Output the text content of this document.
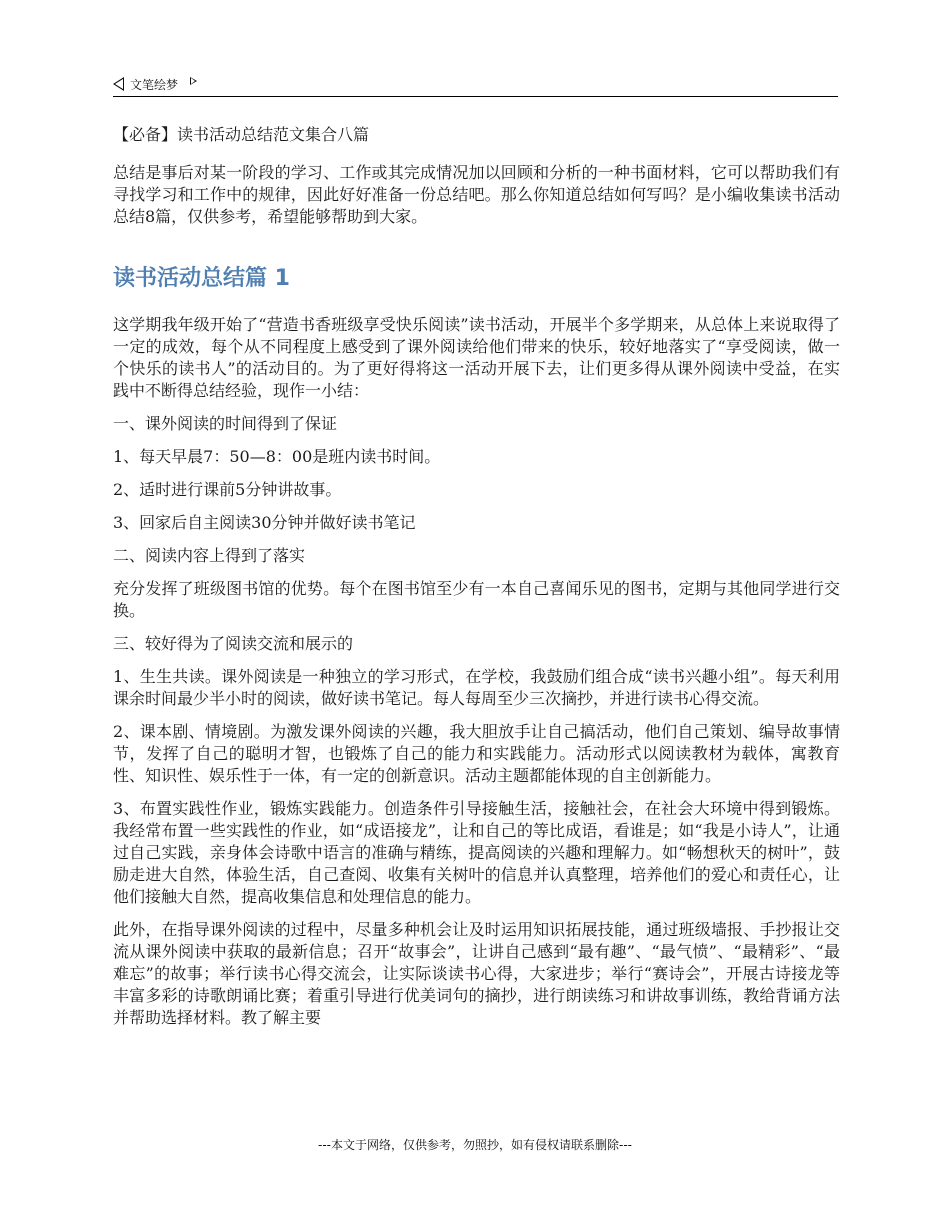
文笔绘梦
【必备】读书活动总结范文集合八篇

总结是事后对某一阶段的学习、工作或其完成情况加以回顾和分析的一种书面材料，它可以帮助我们有寻找学习和工作中的规律，因此好好准备一份总结吧。那么你知道总结如何写吗？是小编收集读书活动总结8篇，仅供参考，希望能够帮助到大家。

读书活动总结篇 1

这学期我年级开始了“营造书香班级享受快乐阅读”读书活动，开展半个多学期来，从总体上来说取得了一定的成效，每个从不同程度上感受到了课外阅读给他们带来的快乐，较好地落实了“享受阅读，做一个快乐的读书人”的活动目的。为了更好得将这一活动开展下去，让们更多得从课外阅读中受益，在实践中不断得总结经验，现作一小结：

一、课外阅读的时间得到了保证

1、每天早晨7：50—8：00是班内读书时间。

2、适时进行课前5分钟讲故事。

3、回家后自主阅读30分钟并做好读书笔记

二、阅读内容上得到了落实

充分发挥了班级图书馆的优势。每个在图书馆至少有一本自己喜闻乐见的图书，定期与其他同学进行交换。

三、较好得为了阅读交流和展示的

1、生生共读。课外阅读是一种独立的学习形式，在学校，我鼓励们组合成“读书兴趣小组”。每天利用课余时间最少半小时的阅读，做好读书笔记。每人每周至少三次摘抄，并进行读书心得交流。

2、课本剧、情境剧。为激发课外阅读的兴趣，我大胆放手让自己搞活动，他们自己策划、编导故事情节，发挥了自己的聪明才智，也锻炼了自己的能力和实践能力。活动形式以阅读教材为载体，寓教育性、知识性、娱乐性于一体，有一定的创新意识。活动主题都能体现的自主创新能力。

3、布置实践性作业，锻炼实践能力。创造条件引导接触生活，接触社会，在社会大环境中得到锻炼。我经常布置一些实践性的作业，如“成语接龙”，让和自己的等比成语，看谁是；如“我是小诗人”，让通过自己实践，亲身体会诗歌中语言的准确与精练，提高阅读的兴趣和理解力。如“畅想秋天的树叶”，鼓励走进大自然，体验生活，自己查阅、收集有关树叶的信息并认真整理，培养他们的爱心和责任心，让他们接触大自然，提高收集信息和处理信息的能力。

此外，在指导课外阅读的过程中，尽量多种机会让及时运用知识拓展技能，通过班级墙报、手抄报让交流从课外阅读中获取的最新信息；召开“故事会”，让讲自己感到“最有趣”、“最气愤”、“最精彩”、“最难忘”的故事；举行读书心得交流会，让实际谈读书心得，大家进步；举行“赛诗会”，开展古诗接龙等丰富多彩的诗歌朗诵比赛；着重引导进行优美词句的摘抄，进行朗读练习和讲故事训练，教给背诵方法并帮助选择材料。教了解主要

---本文于网络，仅供参考，勿照抄，如有侵权请联系删除---
